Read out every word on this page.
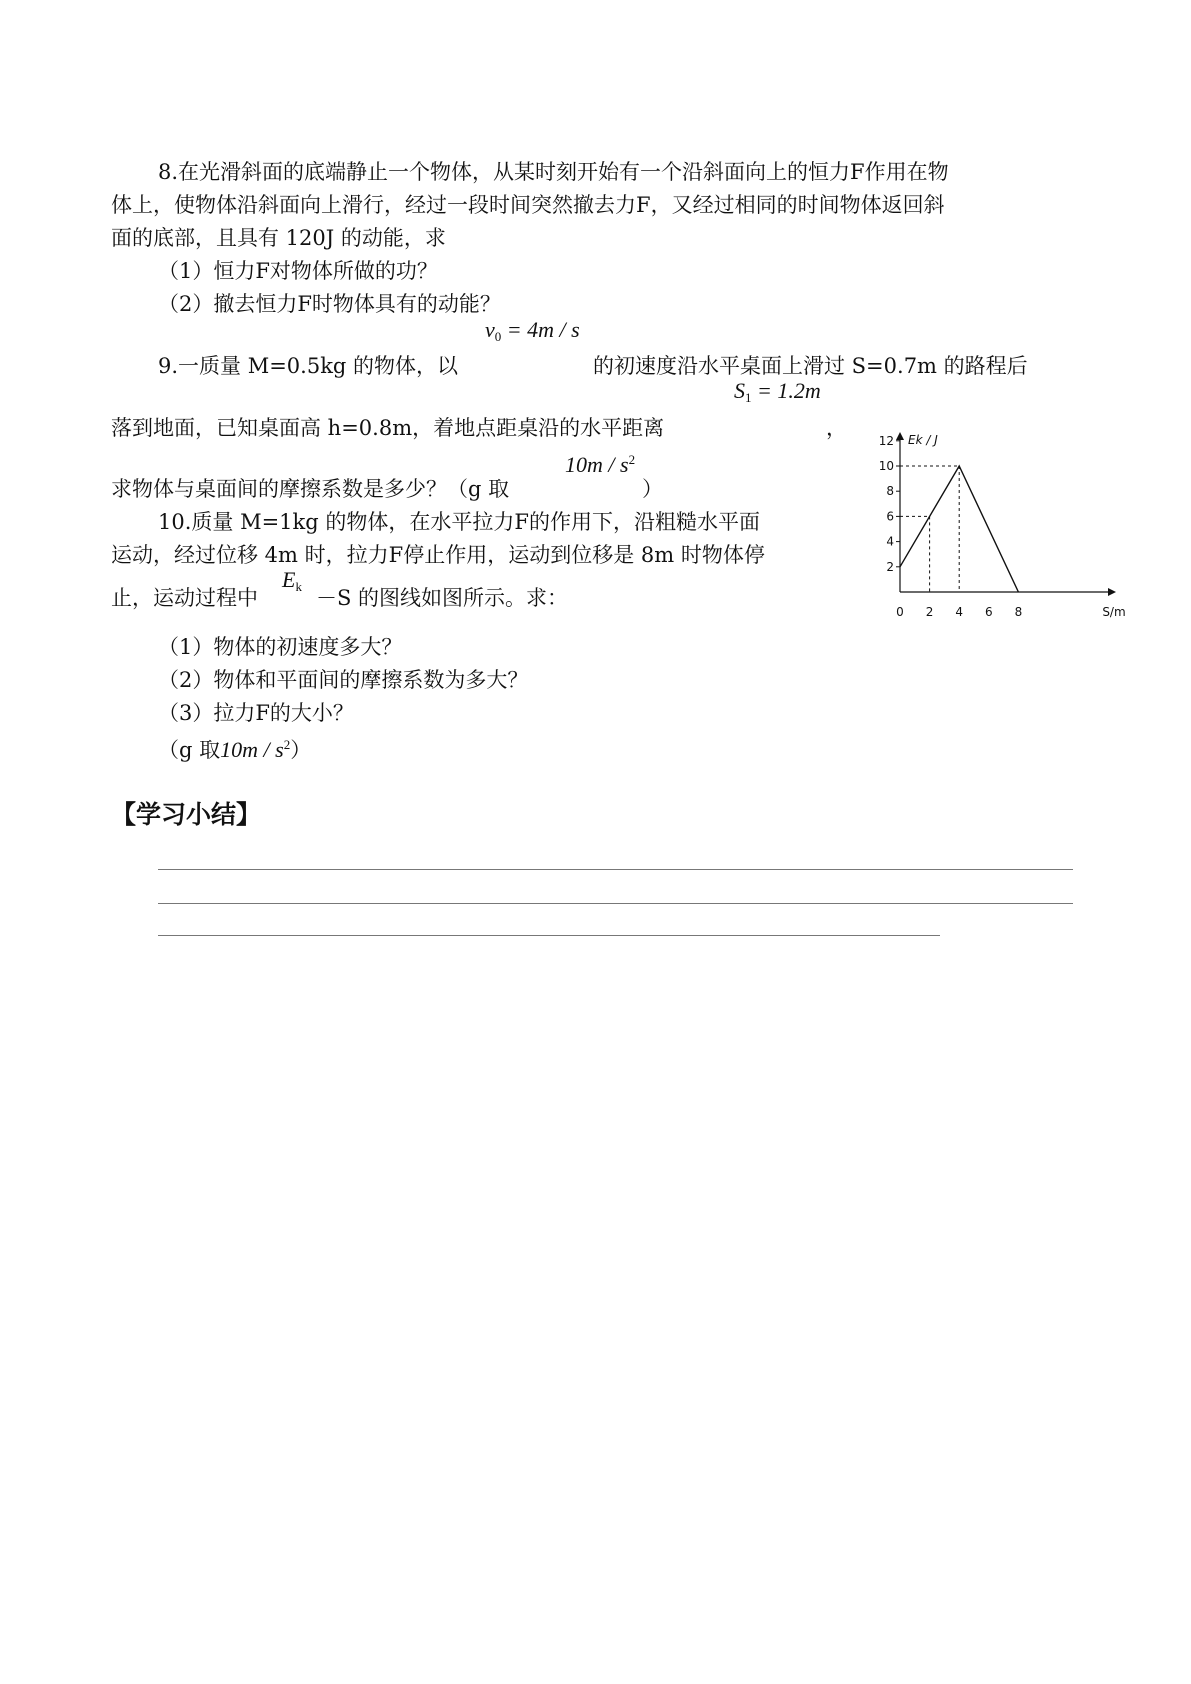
8.在光滑斜面的底端静止一个物体，从某时刻开始有一个沿斜面向上的恒力F作用在物
体上，使物体沿斜面向上滑行，经过一段时间突然撤去力F，又经过相同的时间物体返回斜
面的底部，且具有 120J 的动能，求
（1）恒力F对物体所做的功？
（2）撤去恒力F时物体具有的动能？
$v_0 = 4m / s$
9.一质量 M=0.5kg 的物体，以	的初速度沿水平桌面上滑过 S=0.7m 的路程后
$S_1 = 1.2m$
落到地面，已知桌面高 h=0.8m，着地点距桌沿的水平距离	，
$10m / s^2$
求物体与桌面间的摩擦系数是多少？（g 取	）
10.质量 M=1kg 的物体，在水平拉力F的作用下，沿粗糙水平面
运动，经过位移 4m 时，拉力F停止作用，运动到位移是 8m 时物体停
止，运动过程中
$E_k -S$ 的图线如图所示。求：
（1）物体的初速度多大？
（2）物体和平面间的摩擦系数为多大？
（3）拉力F的大小？
（g 取$10m / s^2$）
2
4
6
8
10
12
0 2 4 6 8
Ek / J
S/m
【学习小结】
